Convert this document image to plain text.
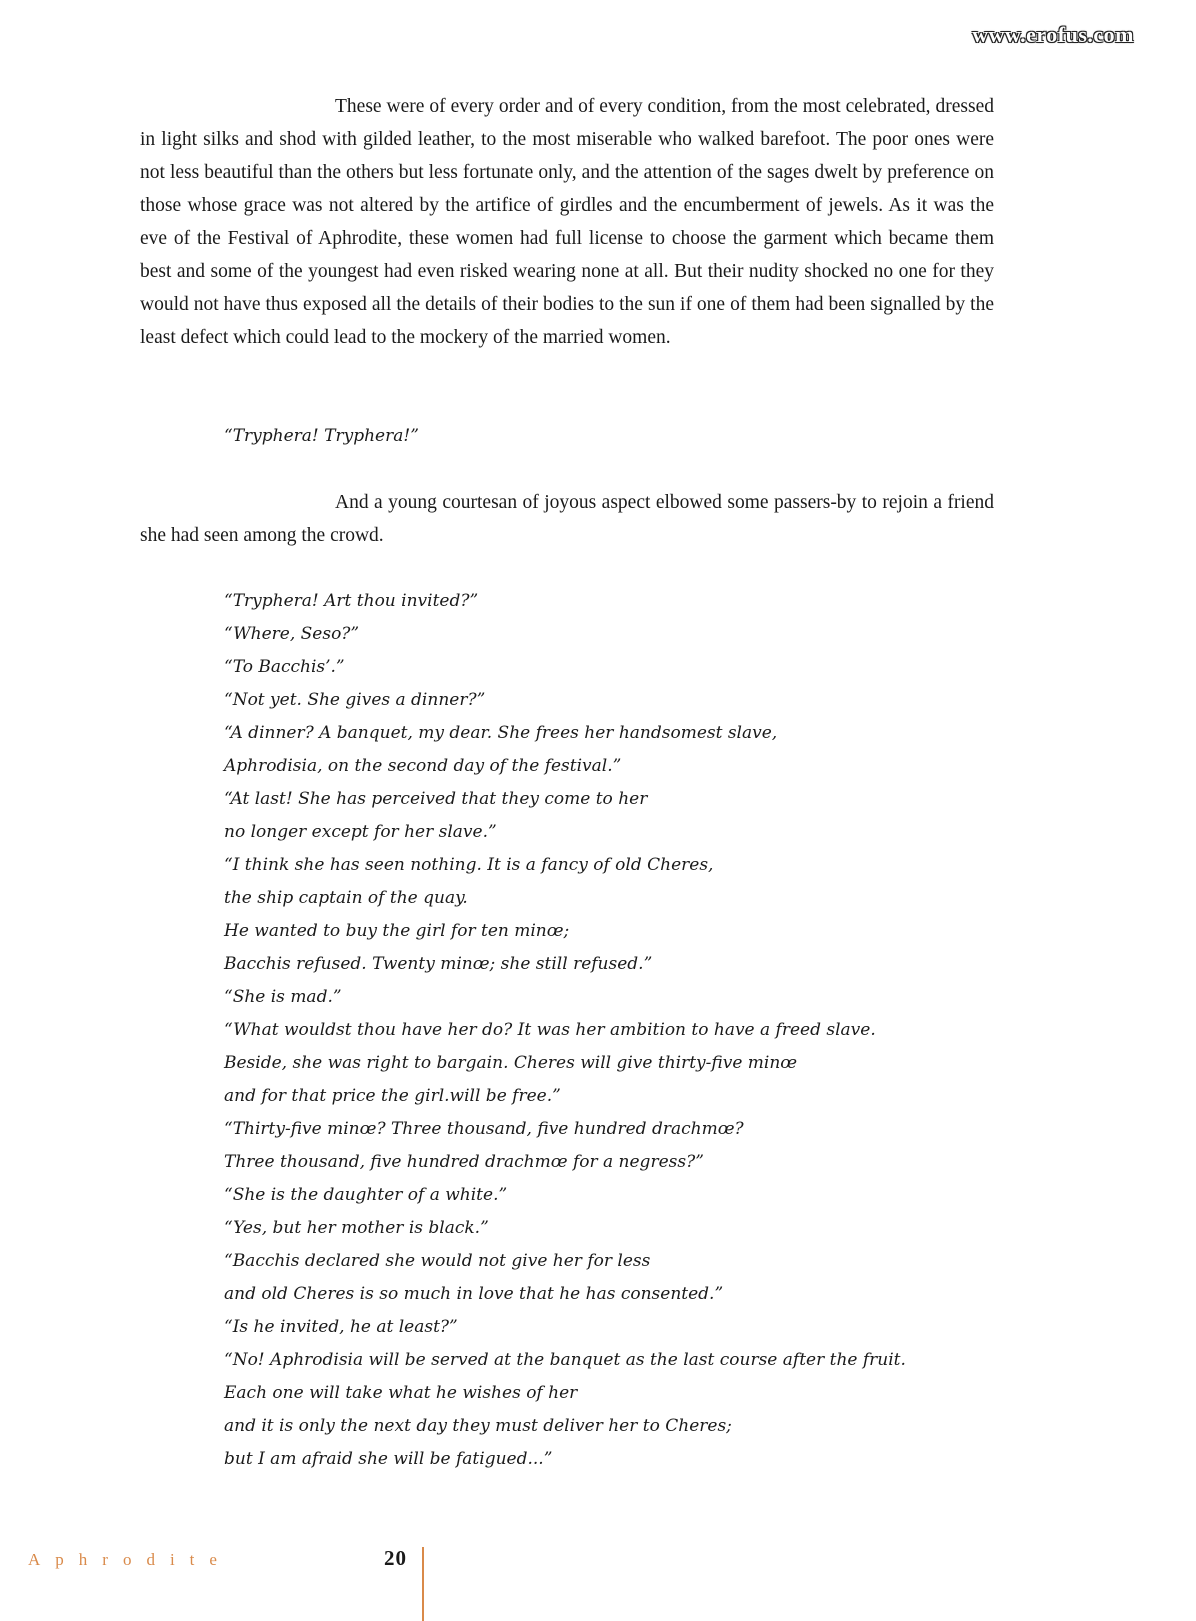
www.erofus.com

These were of every order and of every condition, from the most celebrated, dressed in light silks and shod with gilded leather, to the most miserable who walked barefoot. The poor ones were not less beautiful than the others but less fortunate only, and the attention of the sages dwelt by preference on those whose grace was not altered by the artifice of girdles and the encumberment of jewels. As it was the eve of the Festival of Aphrodite, these women had full license to choose the garment which became them best and some of the youngest had even risked wearing none at all. But their nudity shocked no one for they would not have thus exposed all the details of their bodies to the sun if one of them had been signalled by the least defect which could lead to the mockery of the married women.

“Tryphera! Tryphera!”

And a young courtesan of joyous aspect elbowed some passers-by to rejoin a friend she had seen among the crowd.

“Tryphera! Art thou invited?”
“Where, Seso?”
“To Bacchis’.”
“Not yet. She gives a dinner?”
“A dinner? A banquet, my dear. She frees her handsomest slave,
Aphrodisia, on the second day of the festival.”
“At last! She has perceived that they come to her
no longer except for her slave.”
“I think she has seen nothing. It is a fancy of old Cheres,
the ship captain of the quay.
He wanted to buy the girl for ten minœ;
Bacchis refused. Twenty minœ; she still refused.”
“She is mad.”
“What wouldst thou have her do? It was her ambition to have a freed slave.
Beside, she was right to bargain. Cheres will give thirty-five minœ
and for that price the girl.will be free.”
“Thirty-five minœ? Three thousand, five hundred drachmœ?
Three thousand, five hundred drachmœ for a negress?”
“She is the daughter of a white.”
“Yes, but her mother is black.”
“Bacchis declared she would not give her for less
and old Cheres is so much in love that he has consented.”
“Is he invited, he at least?”
“No! Aphrodisia will be served at the banquet as the last course after the fruit.
Each one will take what he wishes of her
and it is only the next day they must deliver her to Cheres;
but I am afraid she will be fatigued...”
Aphrodite	20
